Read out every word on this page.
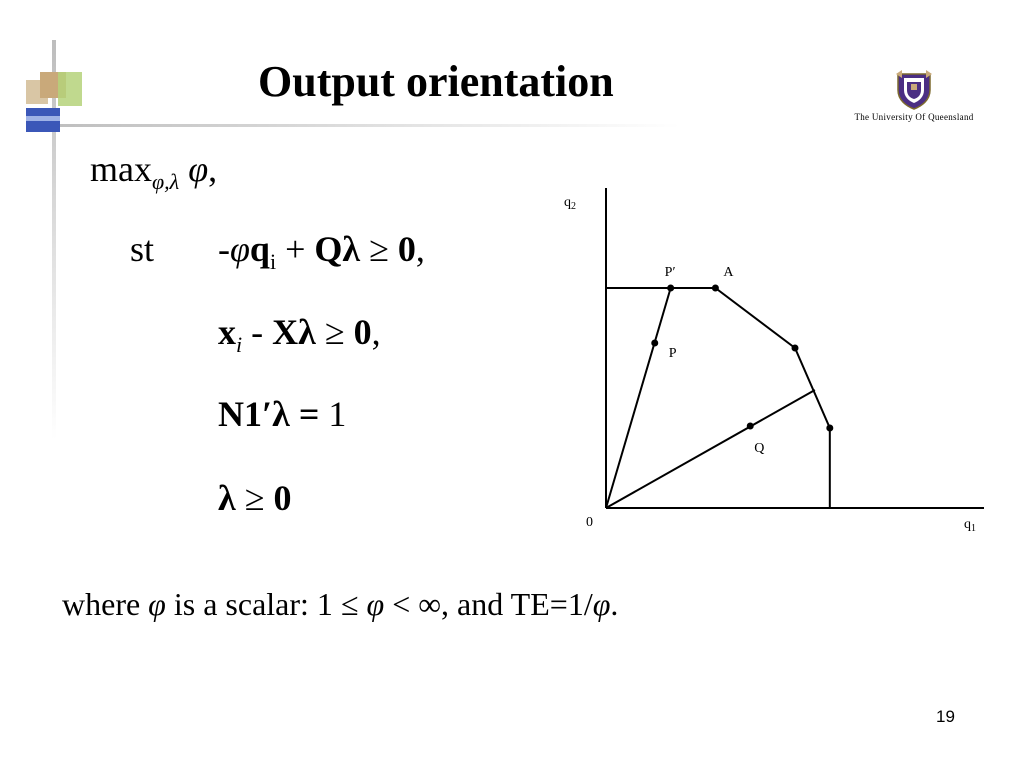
Output orientation
The University Of Queensland
$\max_{\varphi,\lambda} \varphi$,
st $-\varphi q_i + Q\lambda \ge 0$,
$x_i - X\lambda \ge 0$,
N1′λ = 1
λ ≥ 0
$q_2$
$q_1$
0
P′	A
P
Q
where φ is a scalar: 1 ≤ φ < ∞, and TE=1/φ.
19
